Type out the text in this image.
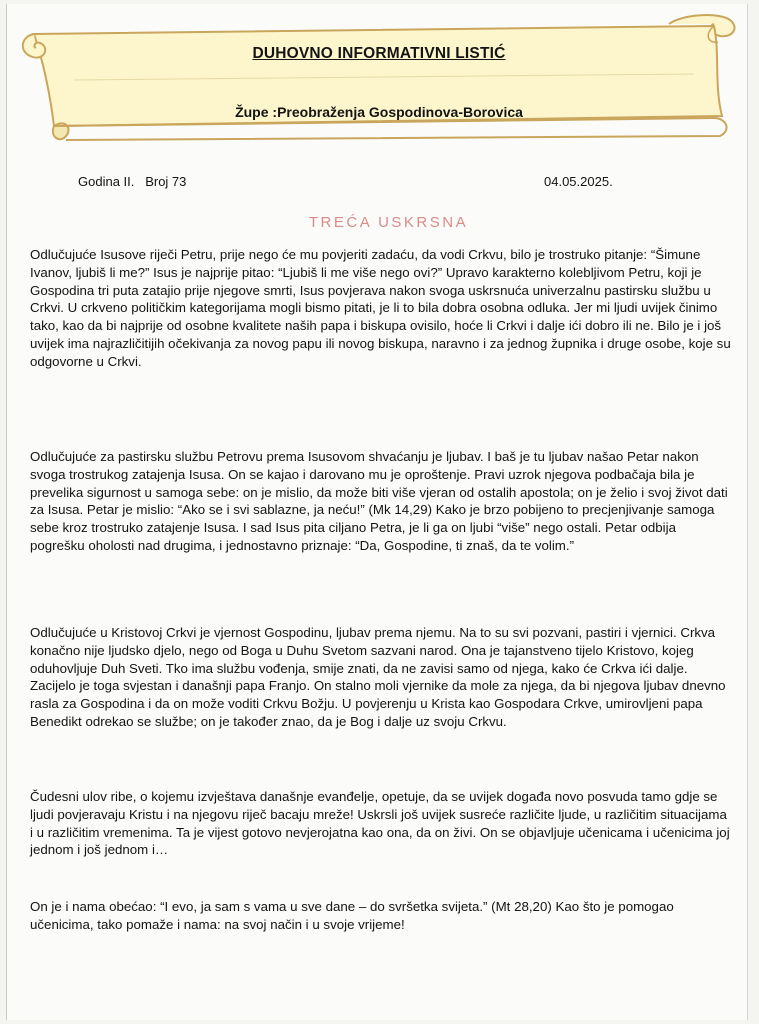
DUHOVNO INFORMATIVNI LISTIĆ
Župe :Preobraženja Gospodinova-Borovica
Godina II.   Broj 73	04.05.2025.
TREĆA USKRSNA

Odlučujuće Isusove riječi Petru, prije nego će mu povjeriti zadaću, da vodi Crkvu, bilo je trostruko pitanje: “Šimune Ivanov, ljubiš li me?” Isus je najprije pitao: “Ljubiš li me više nego ovi?” Upravo karakterno kolebljivom Petru, koji je Gospodina tri puta zatajio prije njegove smrti, Isus povjerava nakon svoga uskrsnuća univerzalnu pastirsku službu u Crkvi. U crkveno političkim kategorijama mogli bismo pitati, je li to bila dobra osobna odluka. Jer mi ljudi uvijek činimo tako, kao da bi najprije od osobne kvalitete naših papa i biskupa ovisilo, hoće li Crkvi i dalje ići dobro ili ne. Bilo je i još uvijek ima najrazličitijih očekivanja za novog papu ili novog biskupa, naravno i za jednog župnika i druge osobe, koje su odgovorne u Crkvi.

Odlučujuće za pastirsku službu Petrovu prema Isusovom shvaćanju je ljubav. I baš je tu ljubav našao Petar nakon svoga trostrukog zatajenja Isusa. On se kajao i darovano mu je oproštenje. Pravi uzrok njegova podbačaja bila je prevelika sigurnost u samoga sebe: on je mislio, da može biti više vjeran od ostalih apostola; on je želio i svoj život dati za Isusa. Petar je mislio: “Ako se i svi sablazne, ja neću!” (Mk 14,29) Kako je brzo pobijeno to precjenjivanje samoga sebe kroz trostruko zatajenje Isusa. I sad Isus pita ciljano Petra, je li ga on ljubi “više” nego ostali. Petar odbija pogrešku oholosti nad drugima, i jednostavno priznaje: “Da, Gospodine, ti znaš, da te volim.”

Odlučujuće u Kristovoj Crkvi je vjernost Gospodinu, ljubav prema njemu. Na to su svi pozvani, pastiri i vjernici. Crkva konačno nije ljudsko djelo, nego od Boga u Duhu Svetom sazvani narod. Ona je tajanstveno tijelo Kristovo, kojeg oduhovljuje Duh Sveti. Tko ima službu vođenja, smije znati, da ne zavisi samo od njega, kako će Crkva ići dalje. Zacijelo je toga svjestan i današnji papa Franjo. On stalno moli vjernike da mole za njega, da bi njegova ljubav dnevno rasla za Gospodina i da on može voditi Crkvu Božju. U povjerenju u Krista kao Gospodara Crkve, umirovljeni papa Benedikt odrekao se službe; on je također znao, da je Bog i dalje uz svoju Crkvu.

Čudesni ulov ribe, o kojemu izvještava današnje evanđelje, opetuje, da se uvijek događa novo posvuda tamo gdje se ljudi povjeravaju Kristu i na njegovu riječ bacaju mreže! Uskrsli još uvijek susreće različite ljude, u različitim situacijama i u različitim vremenima. Ta je vijest gotovo nevjerojatna kao ona, da on živi. On se objavljuje učenicama i učenicima joj jednom i još jednom i…

On je i nama obećao: “I evo, ja sam s vama u sve dane – do svršetka svijeta.” (Mt 28,20) Kao što je pomogao učenicima, tako pomaže i nama: na svoj način i u svoje vrijeme!
